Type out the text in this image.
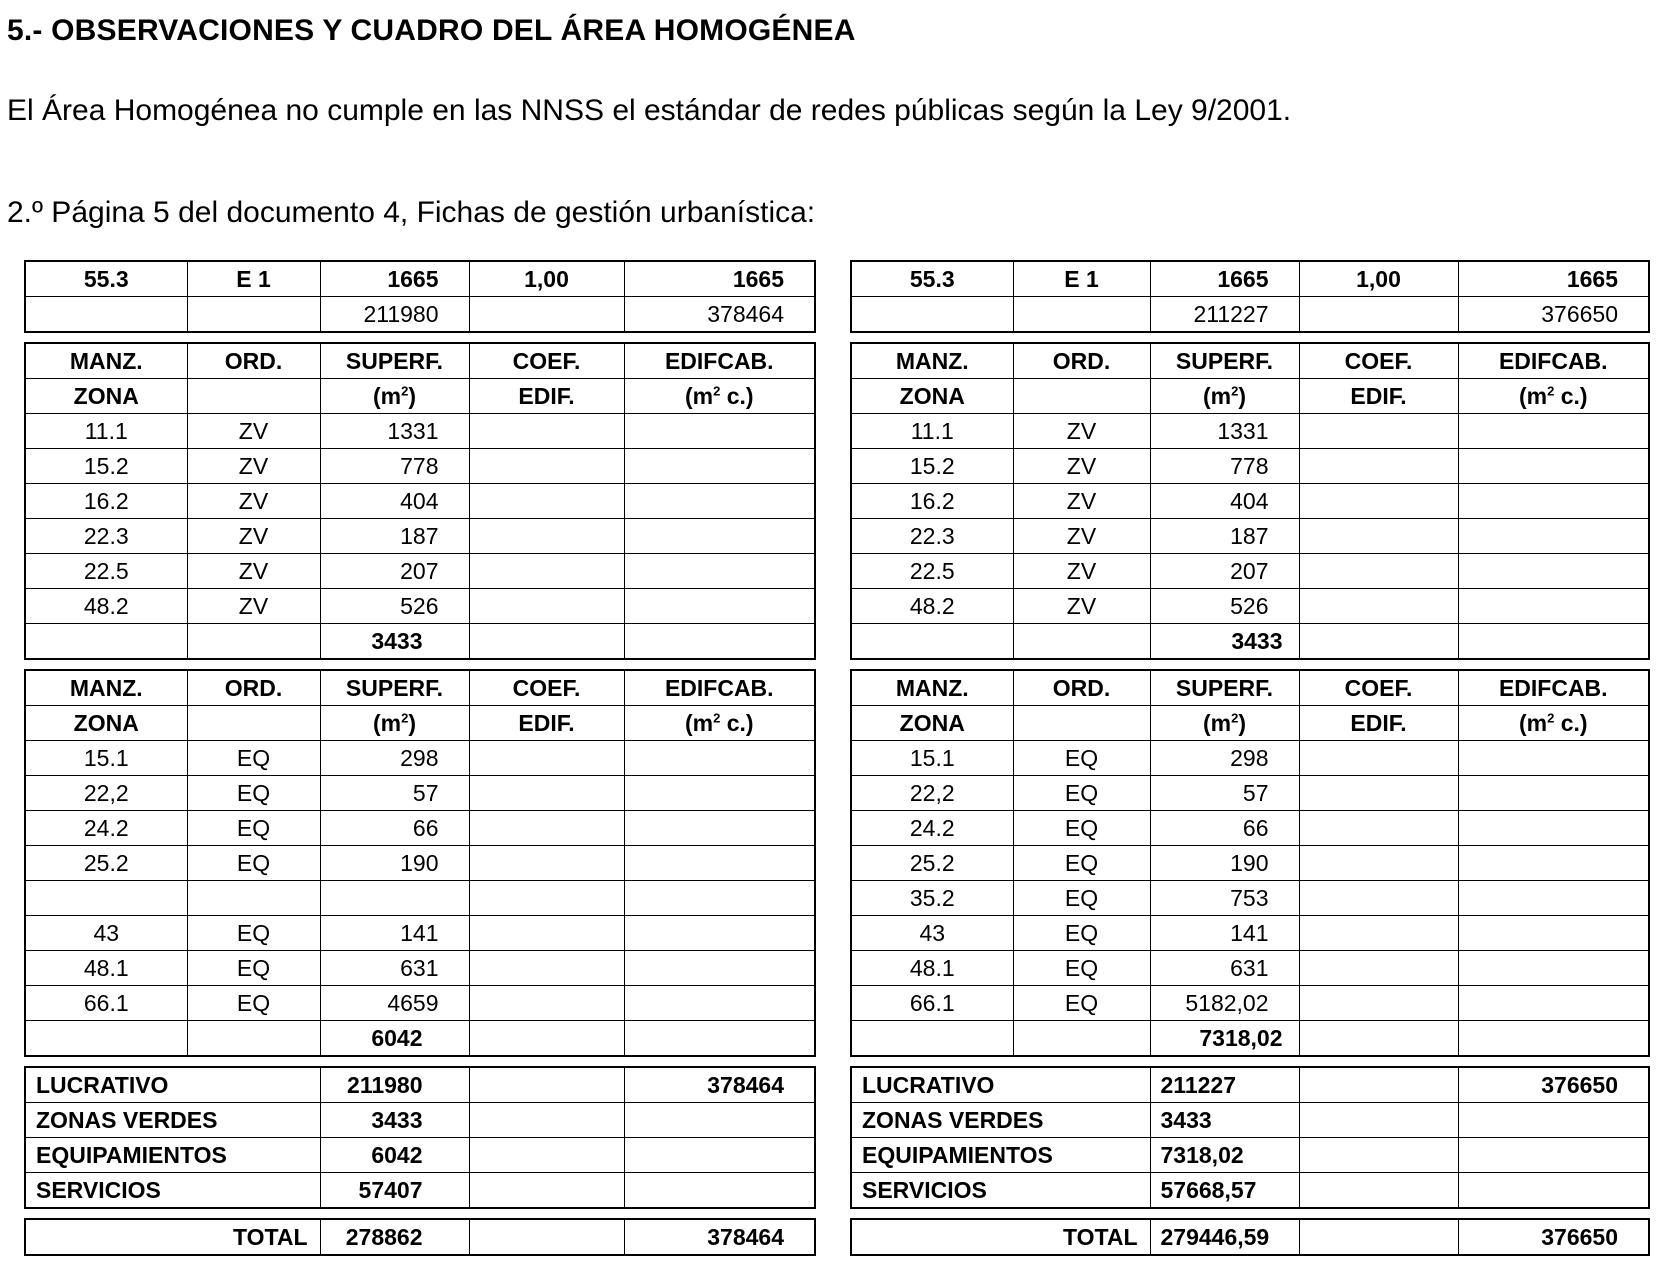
5.- OBSERVACIONES Y CUADRO DEL ÁREA HOMOGÉNEA
El Área Homogénea no cumple en las NNSS el estándar de redes públicas según la Ley 9/2001.
2.º Página 5 del documento 4, Fichas de gestión urbanística:
55.3	E 1	1665	1,00	1665
		211980		378464
MANZ.	ORD.	SUPERF.	COEF.	EDIFCAB.
ZONA		$(m^2)$	EDIF.	($m^2$ c.)
11.1	ZV	1331		
15.2	ZV	778		
16.2	ZV	404		
22.3	ZV	187		
22.5	ZV	207		
48.2	ZV	526		
		3433		
MANZ.	ORD.	SUPERF.	COEF.	EDIFCAB.
ZONA		$(m^2)$	EDIF.	($m^2$ c.)
15.1	EQ	298		
22,2	EQ	57		
24.2	EQ	66		
25.2	EQ	190		

43	EQ	141		
48.1	EQ	631		
66.1	EQ	4659		
		6042		
LUCRATIVO	211980		378464
ZONAS VERDES	3433		
EQUIPAMIENTOS	6042		
SERVICIOS	57407		
TOTAL	278862		378464
55.3	E 1	1665	1,00	1665
		211227		376650
MANZ.	ORD.	SUPERF.	COEF.	EDIFCAB.
ZONA		$(m^2)$	EDIF.	($m^2$ c.)
11.1	ZV	1331		
15.2	ZV	778		
16.2	ZV	404		
22.3	ZV	187		
22.5	ZV	207		
48.2	ZV	526		
		3433		
MANZ.	ORD.	SUPERF.	COEF.	EDIFCAB.
ZONA		$(m^2)$	EDIF.	($m^2$ c.)
15.1	EQ	298		
22,2	EQ	57		
24.2	EQ	66		
25.2	EQ	190		
35.2	EQ	753		
43	EQ	141		
48.1	EQ	631		
66.1	EQ	5182,02		
		7318,02		
LUCRATIVO	211227		376650
ZONAS VERDES	3433		
EQUIPAMIENTOS	7318,02		
SERVICIOS	57668,57		
TOTAL	279446,59		376650
